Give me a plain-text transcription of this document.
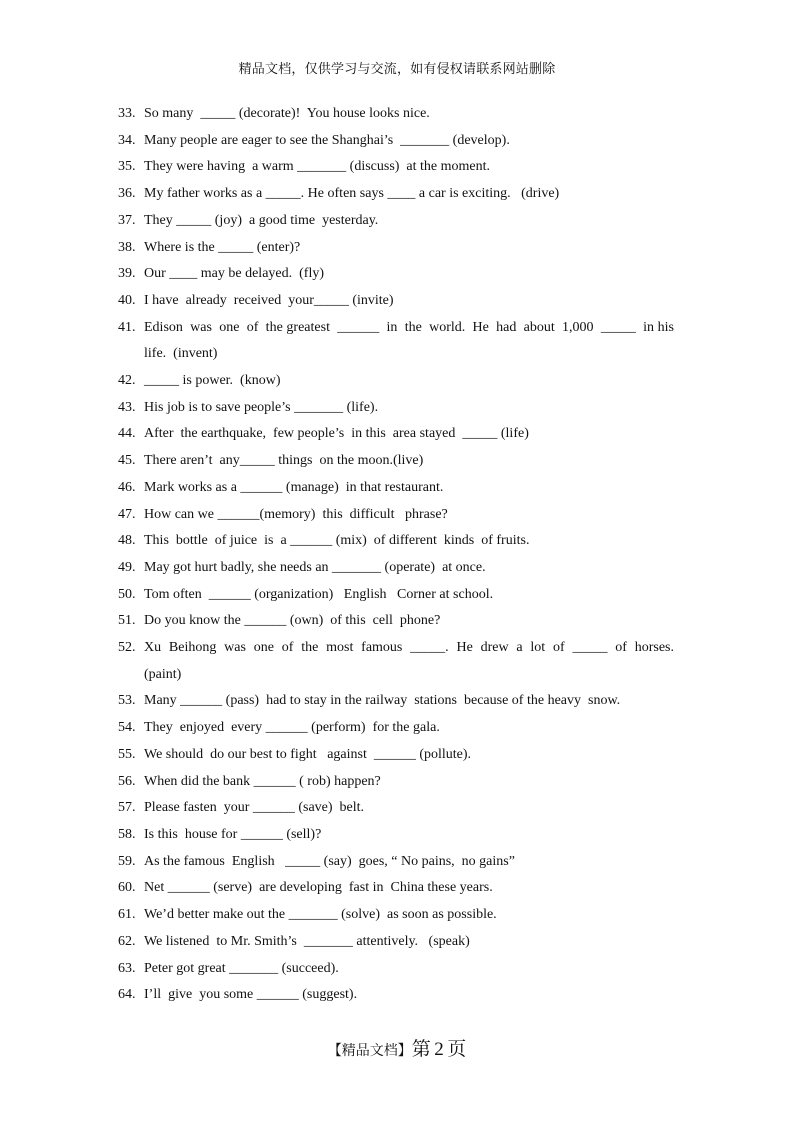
精品文档，仅供学习与交流，如有侵权请联系网站删除
33. So many  _____ (decorate)!  You house looks nice.
34. Many people are eager to see the Shanghai’s  _______ (develop).
35. They were having  a warm _______ (discuss)  at the moment.
36. My father works as a _____. He often says ____ a car is exciting.   (drive)
37. They _____ (joy)  a good time  yesterday.
38. Where is the _____ (enter)?
39. Our ____ may be delayed.  (fly)
40. I have  already  received  your_____ (invite)
41. Edison  was  one  of  the greatest  ______  in  the  world.  He  had  about  1,000  _____  in his  life.  (invent)
42. _____ is power.  (know)
43. His job is to save people’s _______ (life).
44. After  the earthquake,  few people’s  in this  area stayed  _____ (life)
45. There aren’t  any_____ things  on the moon.(live)
46. Mark works as a ______ (manage)  in that restaurant.
47. How can we ______(memory)  this  difficult   phrase?
48. This  bottle  of juice  is  a ______ (mix)  of different  kinds  of fruits.
49. May got hurt badly, she needs an _______ (operate)  at once.
50. Tom often  ______ (organization)   English   Corner at school.
51. Do you know the ______ (own)  of this  cell  phone?
52. Xu  Beihong  was  one  of  the  most  famous  _____.  He  drew  a  lot  of  _____  of  horses. (paint)
53. Many ______ (pass)  had to stay in the railway  stations  because of the heavy  snow.
54. They  enjoyed  every ______ (perform)  for the gala.
55. We should  do our best to fight   against  ______ (pollute).
56. When did the bank ______ ( rob) happen?
57. Please fasten  your ______ (save)  belt.
58. Is this  house for ______ (sell)?
59. As the famous  English   _____ (say)  goes, “ No pains,  no gains”
60. Net ______ (serve)  are developing  fast in  China these years.
61. We’d better make out the _______ (solve)  as soon as possible.
62. We listened  to Mr. Smith’s  _______ attentively.   (speak)
63. Peter got great _______ (succeed).
64. I’ll  give  you some ______ (suggest).
【精品文档】第 2 页
